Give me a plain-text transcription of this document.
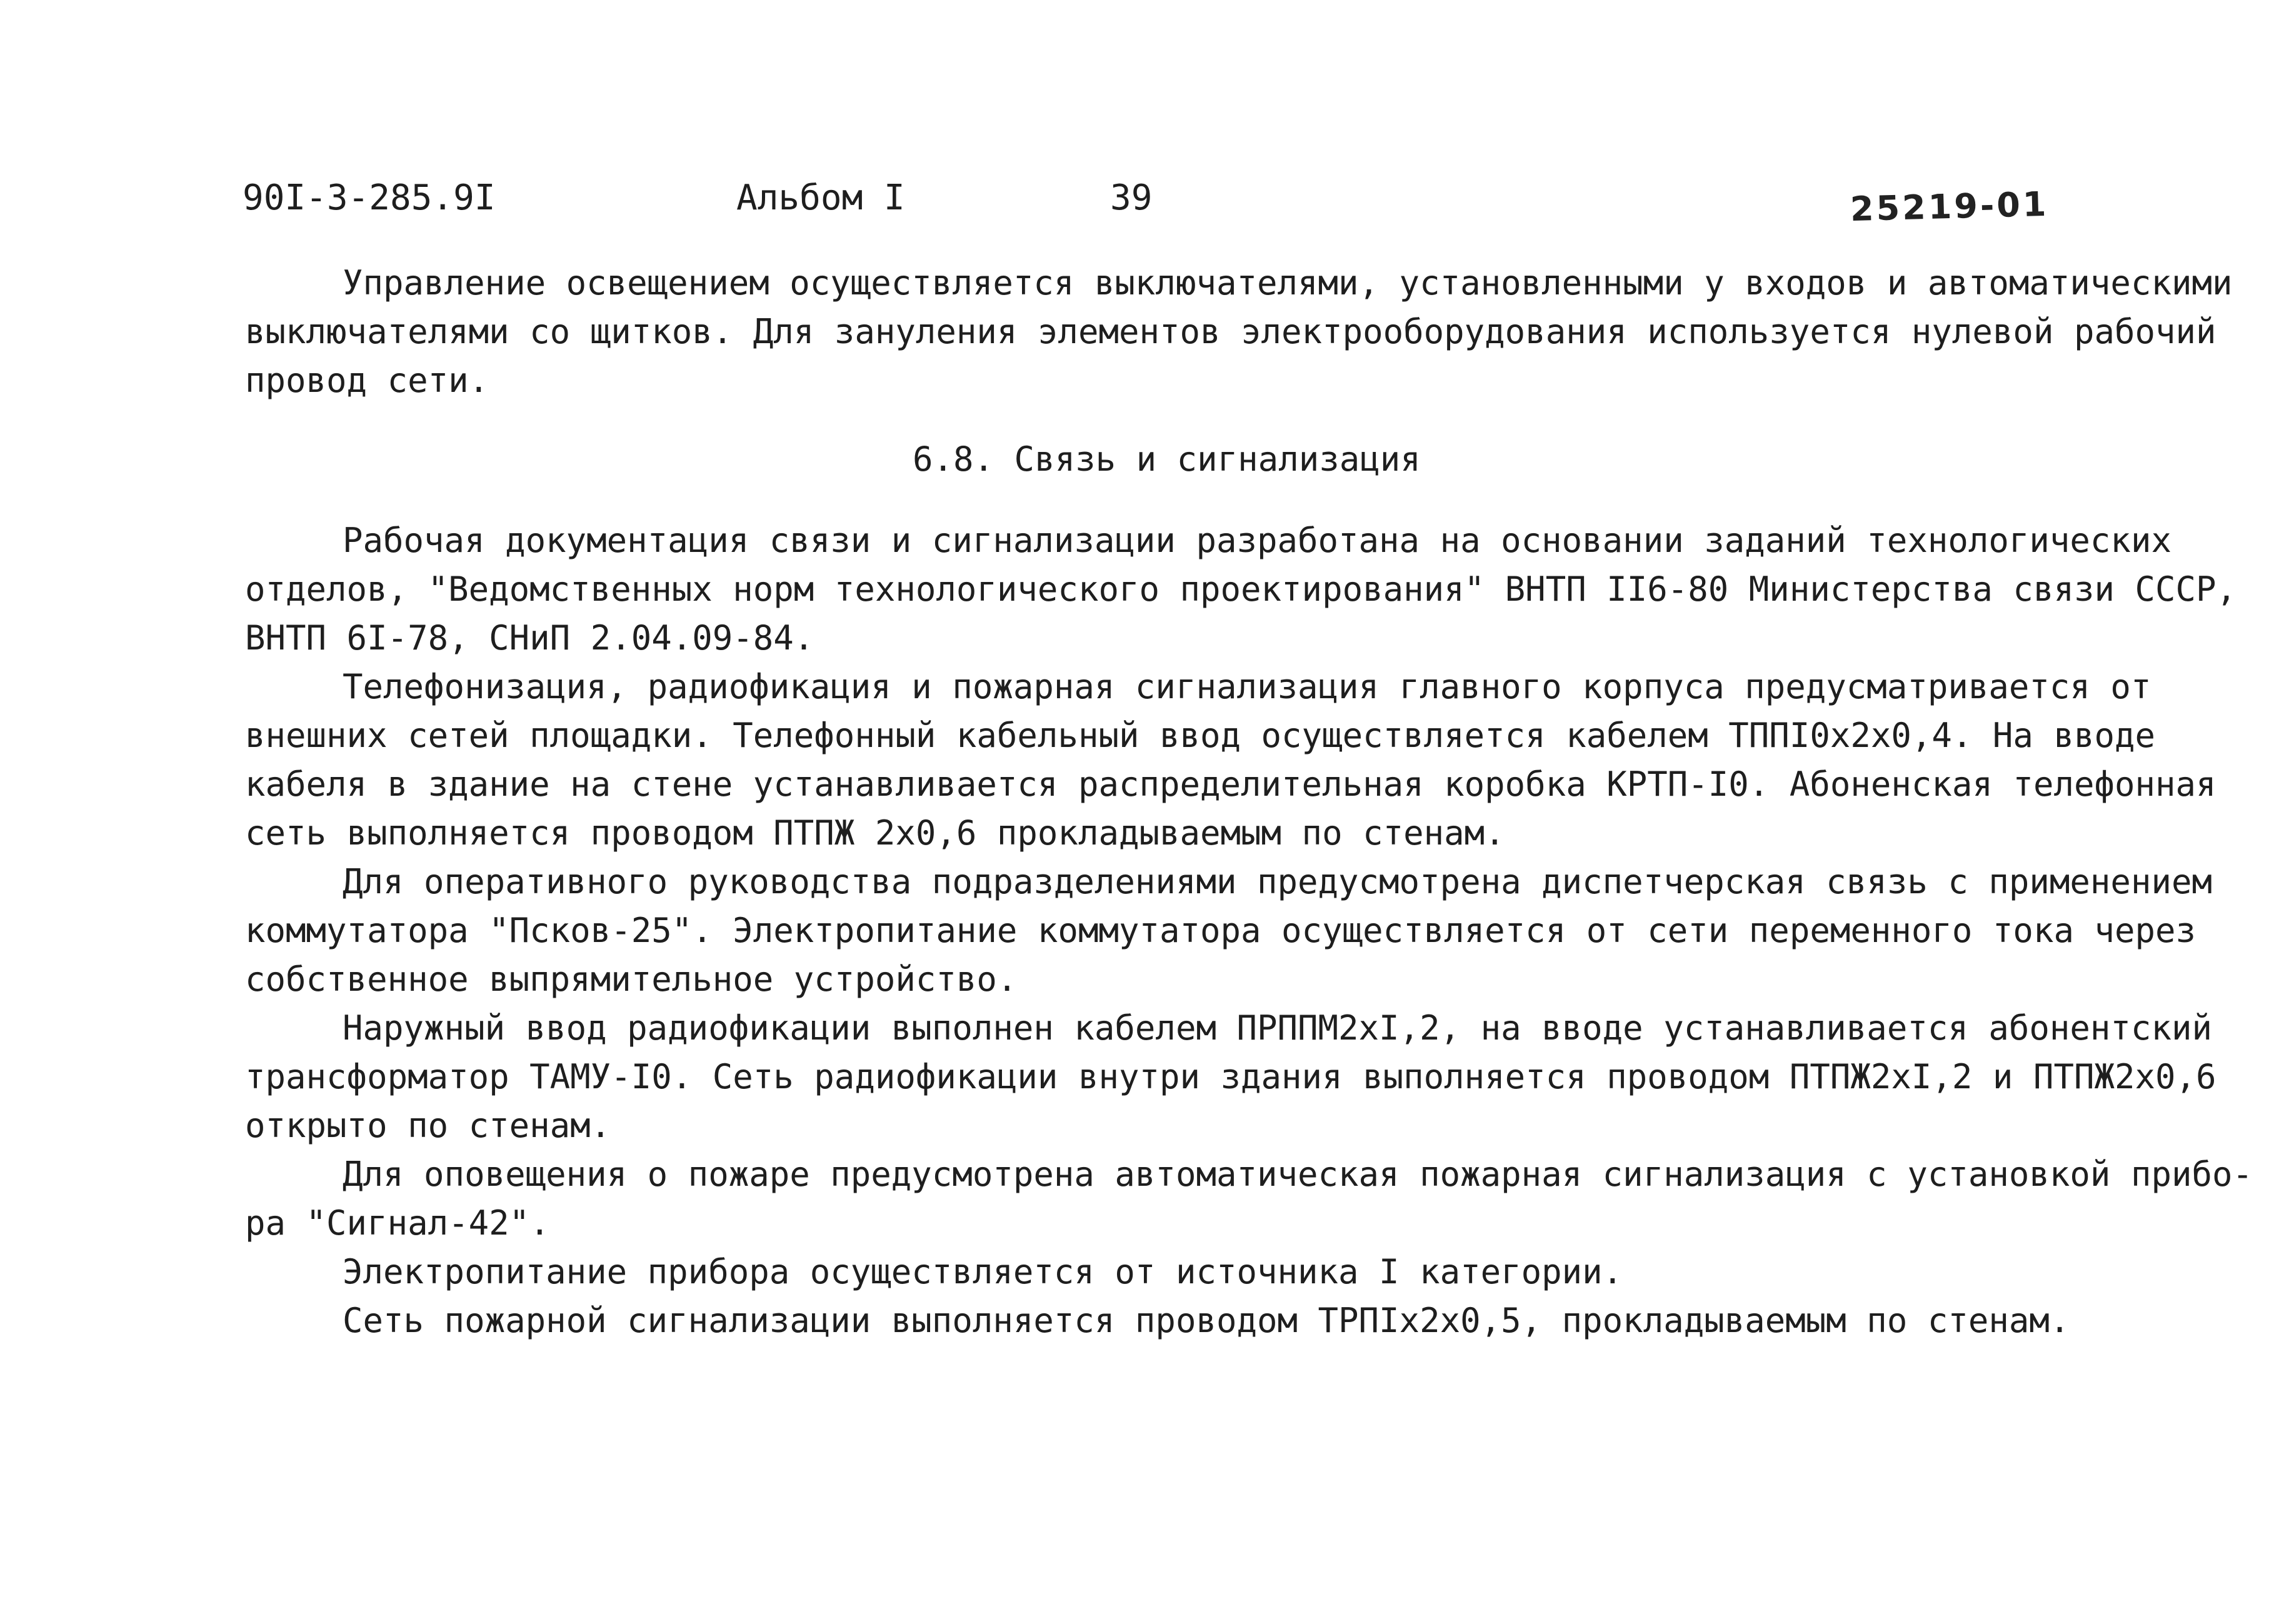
90I-3-285.9I	Альбом I	39	25219-01
Управление освещением осуществляется выключателями, установленными у входов и автоматическими
выключателями со щитков. Для зануления элементов электрооборудования используется нулевой рабочий
провод сети.
6.8. Связь и сигнализация
Рабочая документация связи и сигнализации разработана на основании заданий технологических
отделов, "Ведомственных норм технологического проектирования" ВНТП II6-80 Министерства связи СССР,
ВНТП 6I-78, СНиП 2.04.09-84.
Телефонизация, радиофикация и пожарная сигнализация главного корпуса предусматривается от
внешних сетей площадки. Телефонный кабельный ввод осуществляется кабелем ТППI0х2х0,4. На вводе
кабеля в здание на стене устанавливается распределительная коробка КРТП-I0. Абоненская телефонная
сеть выполняется проводом ПТПЖ 2х0,6 прокладываемым по стенам.
Для оперативного руководства подразделениями предусмотрена диспетчерская связь с применением
коммутатора "Псков-25". Электропитание коммутатора осуществляется от сети переменного тока через
собственное выпрямительное устройство.
Наружный ввод радиофикации выполнен кабелем ПРППМ2хI,2, на вводе устанавливается абонентский
трансформатор ТАМУ-I0. Сеть радиофикации внутри здания выполняется проводом ПТПЖ2хI,2 и ПТПЖ2х0,6
открыто по стенам.
Для оповещения о пожаре предусмотрена автоматическая пожарная сигнализация с установкой прибо-
ра "Сигнал-42".
Электропитание прибора осуществляется от источника I категории.
Сеть пожарной сигнализации выполняется проводом ТРПIх2х0,5, прокладываемым по стенам.
